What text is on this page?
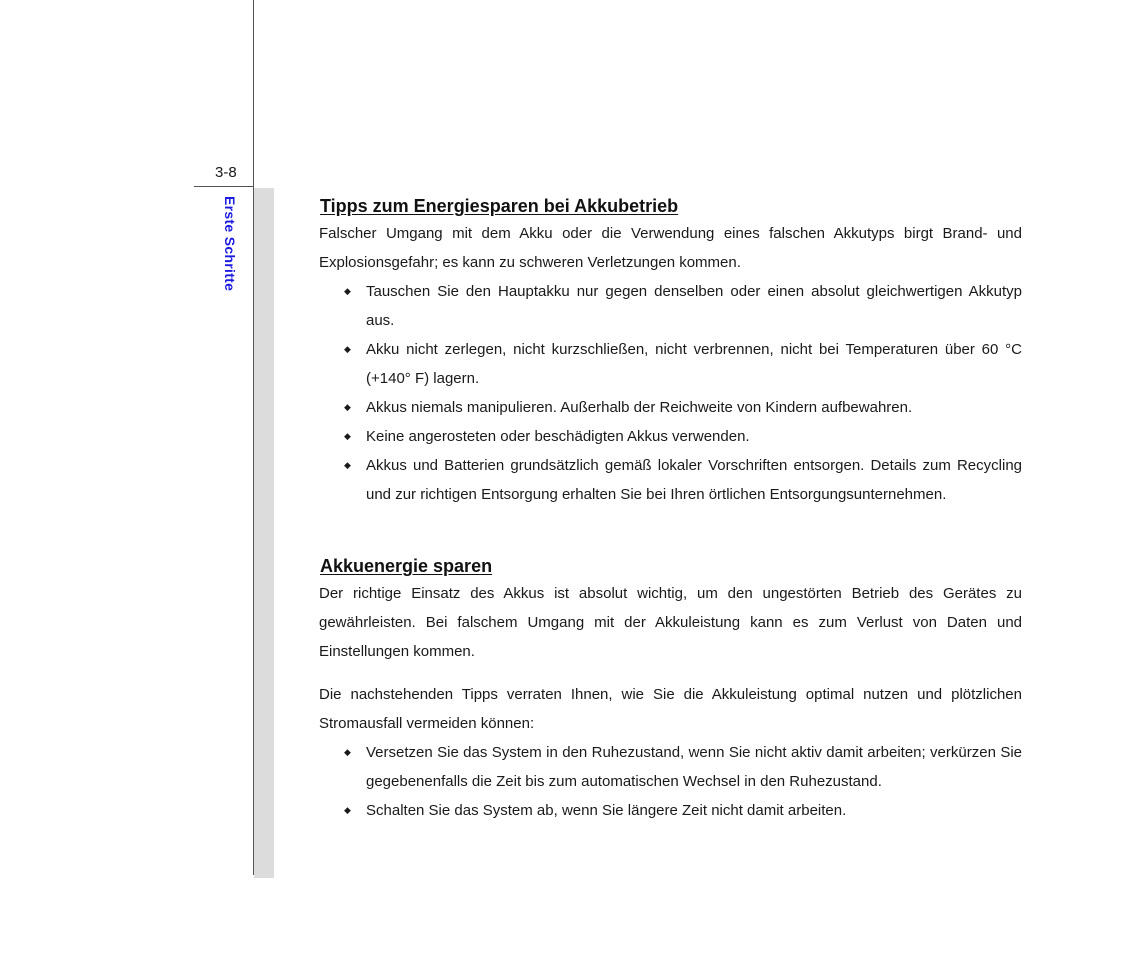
3-8
Erste Schritte	Tipps zum Energiesparen bei Akkubetrieb

Falscher Umgang mit dem Akku oder die Verwendung eines falschen Akkutyps birgt Brand- und Explosionsgefahr; es kann zu schweren Verletzungen kommen.

◆ Tauschen Sie den Hauptakku nur gegen denselben oder einen absolut gleichwertigen Akkutyp aus.
◆ Akku nicht zerlegen, nicht kurzschließen, nicht verbrennen, nicht bei Temperaturen über 60 °C (+140° F) lagern.
◆ Akkus niemals manipulieren. Außerhalb der Reichweite von Kindern aufbewahren.
◆ Keine angerosteten oder beschädigten Akkus verwenden.
◆ Akkus und Batterien grundsätzlich gemäß lokaler Vorschriften entsorgen. Details zum Recycling und zur richtigen Entsorgung erhalten Sie bei Ihren örtlichen Entsorgungsunternehmen.
Akkuenergie sparen

Der richtige Einsatz des Akkus ist absolut wichtig, um den ungestörten Betrieb des Gerätes zu gewährleisten. Bei falschem Umgang mit der Akkuleistung kann es zum Verlust von Daten und Einstellungen kommen.

Die nachstehenden Tipps verraten Ihnen, wie Sie die Akkuleistung optimal nutzen und plötzlichen Stromausfall vermeiden können:

◆ Versetzen Sie das System in den Ruhezustand, wenn Sie nicht aktiv damit arbeiten; verkürzen Sie gegebenenfalls die Zeit bis zum automatischen Wechsel in den Ruhezustand.
◆ Schalten Sie das System ab, wenn Sie längere Zeit nicht damit arbeiten.
